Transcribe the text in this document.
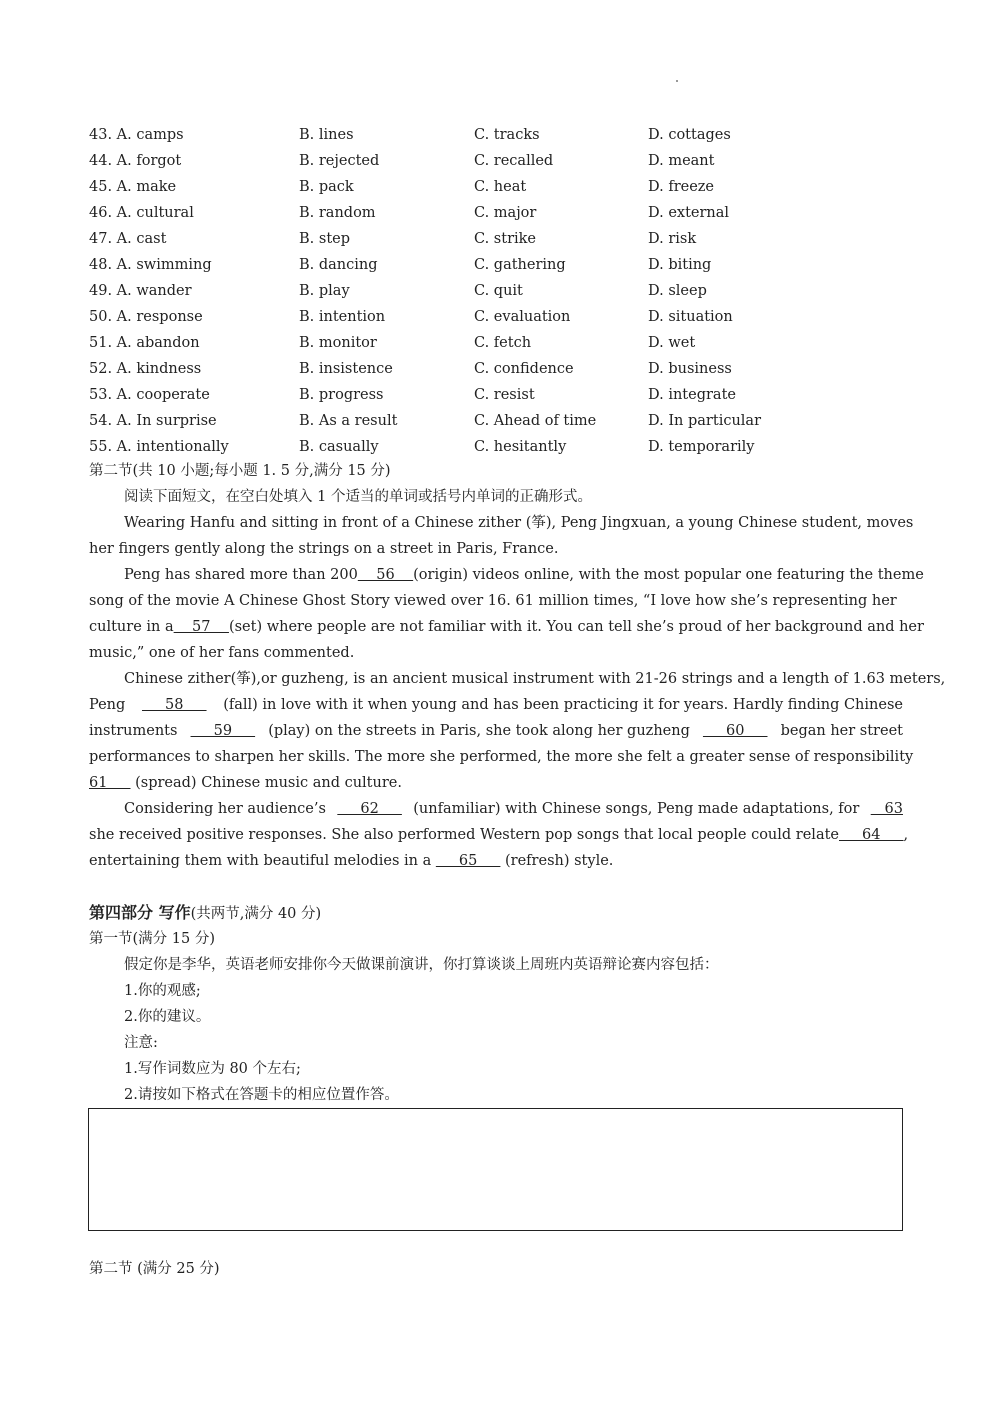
43. A. camps	B. lines	C. tracks	D. cottages
44. A. forgot	B. rejected	C. recalled	D. meant
45. A. make	B. pack	C. heat	D. freeze
46. A. cultural	B. random	C. major	D. external
47. A. cast	B. step	C. strike	D. risk
48. A. swimming	B. dancing	C. gathering	D. biting
49. A. wander	B. play	C. quit	D. sleep
50. A. response	B. intention	C. evaluation	D. situation
51. A. abandon	B. monitor	C. fetch	D. wet
52. A. kindness	B. insistence	C. confidence	D. business
53. A. cooperate	B. progress	C. resist	D. integrate
54. A. In surprise	B. As a result	C. Ahead of time	D. In particular
55. A. intentionally	B. casually	C. hesitantly	D. temporarily
第二节(共 10 小题;每小题 1. 5 分,满分 15 分)
阅读下面短文，在空白处填入 1 个适当的单词或括号内单词的正确形式。
Wearing Hanfu and sitting in front of a Chinese zither (筝), Peng Jingxuan, a young Chinese student, moves
her fingers gently along the strings on a street in Paris, France.
Peng has shared more than 200 56 (origin) videos online, with the most popular one featuring the theme
song of the movie A Chinese Ghost Story viewed over 16. 61 million times, “I love how she’s representing her
culture in a 57 (set) where people are not familiar with it. You can tell she’s proud of her background and her
music,” one of her fans commented.
Chinese zither(筝),or guzheng, is an ancient musical instrument with 21-26 strings and a length of 1.63 meters,
Peng 58 (fall) in love with it when young and has been practicing it for years. Hardly finding Chinese
instruments 59 (play) on the streets in Paris, she took along her guzheng 60 began her street
performances to sharpen her skills. The more she performed, the more she felt a greater sense of responsibility
61      (spread) Chinese music and culture.
Considering her audience’s 62 (unfamiliar) with Chinese songs, Peng made adaptations, for 63
she received positive responses. She also performed Western pop songs that local people could relate 64     ,
entertaining them with beautiful melodies in a      65      (refresh) style.
第四部分 写作(共两节,满分 40 分)
第一节(满分 15 分)
假定你是李华，英语老师安排你今天做课前演讲，你打算谈谈上周班内英语辩论赛内容包括：
1.你的观感;
2.你的建议。
注意:
1.写作词数应为 80 个左右;
2.请按如下格式在答题卡的相应位置作答。
第二节 (满分 25 分)
